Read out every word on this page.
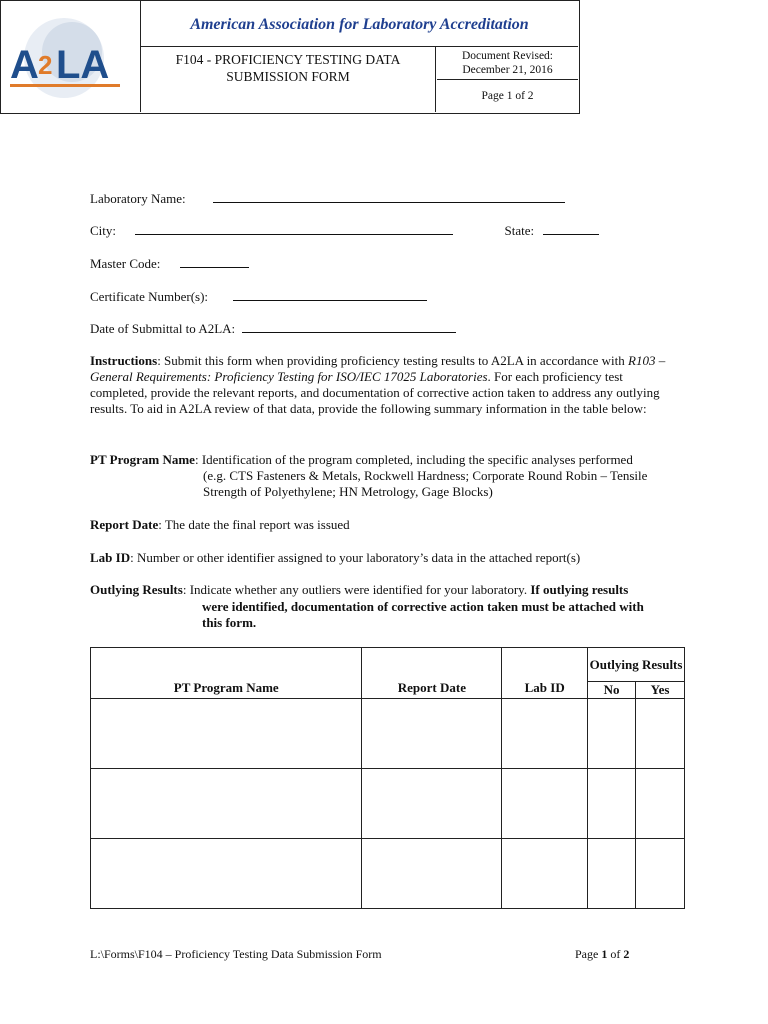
A 2 LA
American Association for Laboratory Accreditation
F104 - PROFICIENCY TESTING DATA
SUBMISSION FORM
Document Revised:
December 21, 2016
Page 1 of 2
Laboratory Name:
City:	State:
Master Code:
Certificate Number(s):
Date of Submittal to A2LA:

Instructions: Submit this form when providing proficiency testing results to A2LA in accordance with R103 – General Requirements: Proficiency Testing for ISO/IEC 17025 Laboratories. For each proficiency test completed, provide the relevant reports, and documentation of corrective action taken to address any outlying results. To aid in A2LA review of that data, provide the following summary information in the table below:

PT Program Name: Identification of the program completed, including the specific analyses performed

(e.g. CTS Fasteners & Metals, Rockwell Hardness; Corporate Round Robin – Tensile Strength of Polyethylene; HN Metrology, Gage Blocks)

Report Date: The date the final report was issued

Lab ID: Number or other identifier assigned to your laboratory’s data in the attached report(s)

Outlying Results: Indicate whether any outliers were identified for your laboratory. If outlying results

were identified, documentation of corrective action taken must be attached with

this form.

PT Program Name	Report Date	Lab ID	Outlying Results	
			No	Yes

L:\Forms\F104 – Proficiency Testing Data Submission Form	Page 1 of 2
